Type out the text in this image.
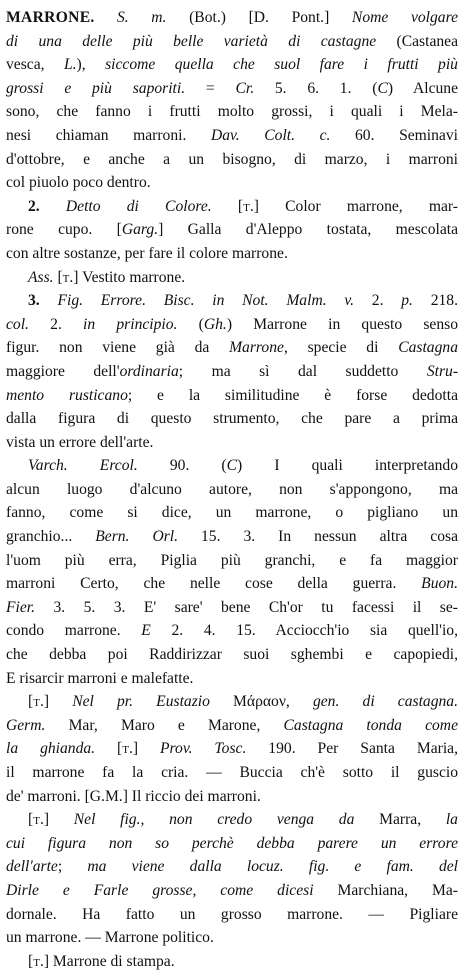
MARRONE. S. m. (Bot.) [D. Pont.] Nome volgare
di una delle più belle varietà di castagne (Castanea
vesca, L.), siccome quella che suol fare i frutti più
grossi e più saporiti. = Cr. 5. 6. 1. (C) Alcune
sono, che fanno i frutti molto grossi, i quali i Mela-
nesi chiaman marroni. Dav. Colt. c. 60. Seminavi
d'ottobre, e anche a un bisogno, di marzo, i marroni
col piuolo poco dentro.
2. Detto di Colore. [t.] Color marrone, mar-
rone cupo. [Garg.] Galla d'Aleppo tostata, mescolata
con altre sostanze, per fare il colore marrone.
Ass. [t.] Vestito marrone.
3. Fig. Errore. Bisc. in Not. Malm. v. 2. p. 218.
col. 2. in principio. (Gh.) Marrone in questo senso
figur. non viene già da Marrone, specie di Castagna
maggiore dell'ordinaria; ma sì dal suddetto Stru-
mento rusticano; e la similitudine è forse dedotta
dalla figura di questo strumento, che pare a prima
vista un errore dell'arte.
Varch. Ercol. 90. (C) I quali interpretando
alcun luogo d'alcuno autore, non s'appongono, ma
fanno, come si dice, un marrone, o pigliano un
granchio... Bern. Orl. 15. 3. In nessun altra cosa
l'uom più erra, Piglia più granchi, e fa maggior
marroni Certo, che nelle cose della guerra. Buon.
Fier. 3. 5. 3. E' sare' bene Ch'or tu facessi il se-
condo marrone. E 2. 4. 15. Acciocch'io sia quell'io,
che debba poi Raddirizzar suoi sghembi e capopiedi,
E risarcir marroni e malefatte.
[t.] Nel pr. Eustazio Μάραον, gen. di castagna.
Germ. Mar, Maro e Marone, Castagna tonda come
la ghianda. [t.] Prov. Tosc. 190. Per Santa Maria,
il marrone fa la cria. — Buccia ch'è sotto il guscio
de' marroni. [G.M.] Il riccio dei marroni.
[t.] Nel fig., non credo venga da Marra, la
cui figura non so perchè debba parere un errore
dell'arte; ma viene dalla locuz. fig. e fam. del
Dirle e Farle grosse, come dicesi Marchiana, Ma-
dornale. Ha fatto un grosso marrone. — Pigliare
un marrone. — Marrone politico.
[t.] Marrone di stampa.
